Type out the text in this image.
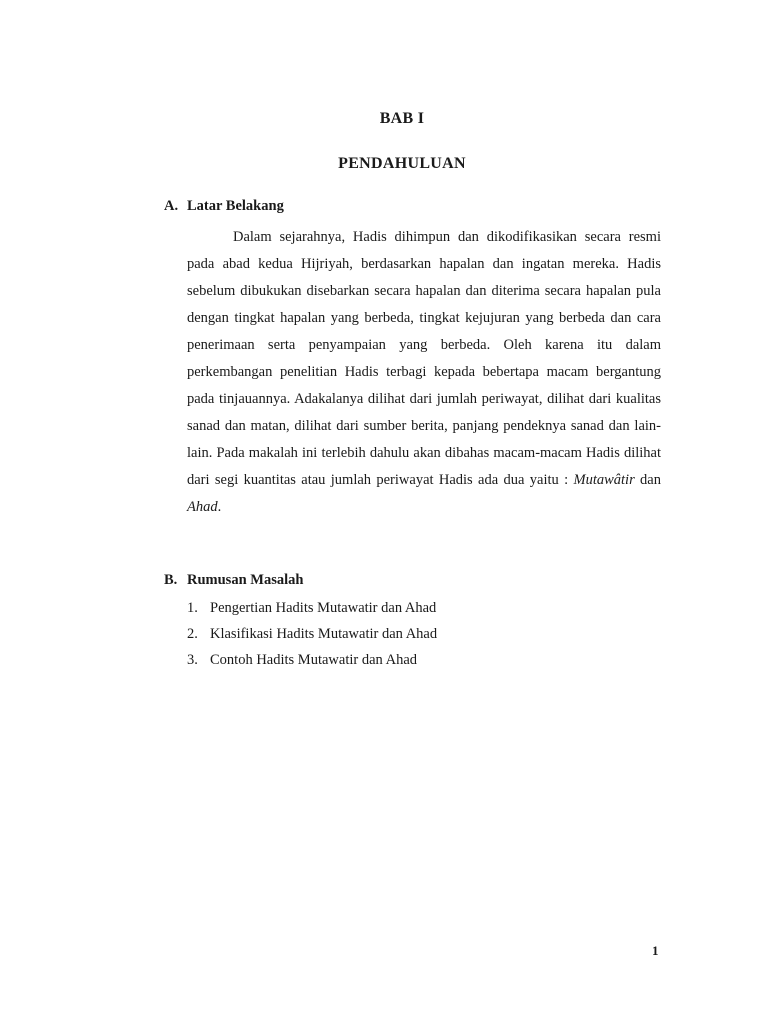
BAB I
PENDAHULUAN
A. Latar Belakang

Dalam sejarahnya, Hadis dihimpun dan dikodifikasikan secara resmi pada abad kedua Hijriyah, berdasarkan hapalan dan ingatan mereka. Hadis sebelum dibukukan disebarkan secara hapalan dan diterima secara hapalan pula dengan tingkat hapalan yang berbeda, tingkat kejujuran yang berbeda dan cara penerimaan serta penyampaian yang berbeda. Oleh karena itu dalam perkembangan penelitian Hadis terbagi kepada bebertapa macam bergantung pada tinjauannya. Adakalanya dilihat dari jumlah periwayat, dilihat dari kualitas sanad dan matan, dilihat dari sumber berita, panjang pendeknya sanad dan lain-lain. Pada makalah ini terlebih dahulu akan dibahas macam-macam Hadis dilihat dari segi kuantitas atau jumlah periwayat Hadis ada dua yaitu : Mutawâtir dan Ahad.

B. Rumusan Masalah
1. Pengertian Hadits Mutawatir dan Ahad
2. Klasifikasi Hadits Mutawatir dan Ahad
3. Contoh Hadits Mutawatir dan Ahad
1
